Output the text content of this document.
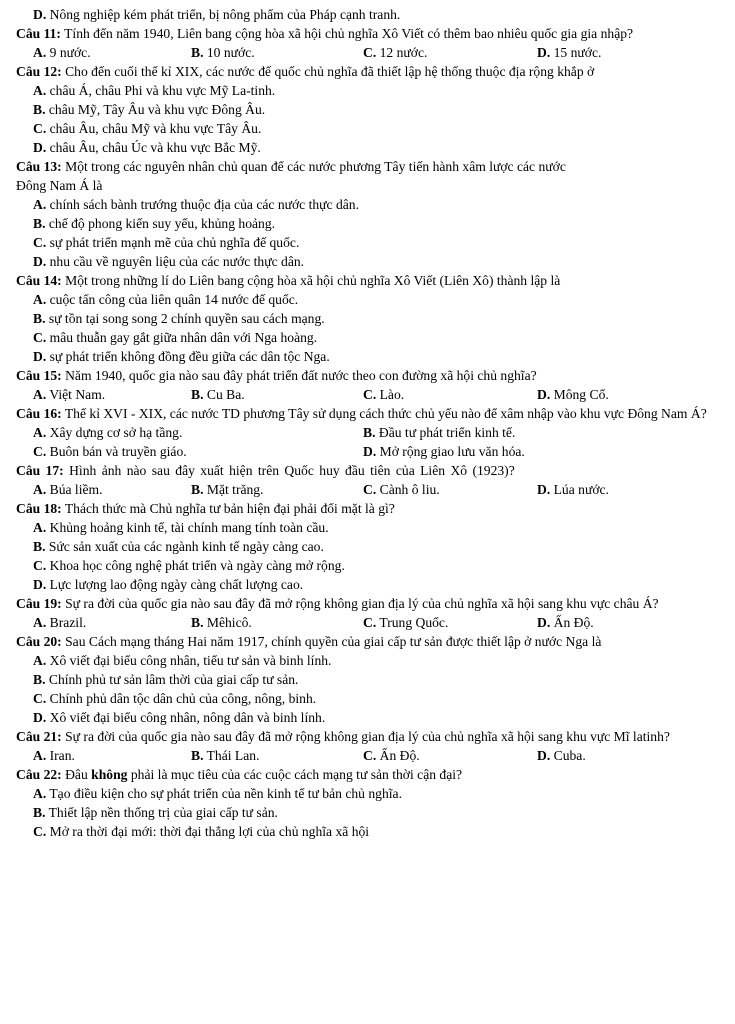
D. Nông nghiệp kém phát triển, bị nông phẩm của Pháp cạnh tranh.
Câu 11: Tính đến năm 1940, Liên bang cộng hòa xã hội chủ nghĩa Xô Viết có thêm bao nhiêu quốc gia gia nhập?
A. 9 nước.	B. 10 nước.	C. 12 nước.	D. 15 nước.
Câu 12: Cho đến cuối thế kỉ XIX, các nước đế quốc chủ nghĩa đã thiết lập hệ thống thuộc địa rộng khắp ở
A. châu Á, châu Phi và khu vực Mỹ La-tinh.
B. châu Mỹ, Tây Âu và khu vực Đông Âu.
C. châu Âu, châu Mỹ và khu vực Tây Âu.
D. châu Âu, châu Úc và khu vực Bắc Mỹ.
Câu 13: Một trong các nguyên nhân chủ quan để các nước phương Tây tiến hành xâm lược các nước Đông Nam Á là
A. chính sách bành trướng thuộc địa của các nước thực dân.
B. chế độ phong kiến suy yếu, khủng hoảng.
C. sự phát triển mạnh mẽ của chủ nghĩa đế quốc.
D. nhu cầu về nguyên liệu của các nước thực dân.
Câu 14: Một trong những lí do Liên bang cộng hòa xã hội chủ nghĩa Xô Viết (Liên Xô) thành lập là
A. cuộc tấn công của liên quân 14 nước đế quốc.
B. sự tồn tại song song 2 chính quyền sau cách mạng.
C. mâu thuẫn gay gắt giữa nhân dân với Nga hoàng.
D. sự phát triển không đồng đều giữa các dân tộc Nga.
Câu 15: Năm 1940, quốc gia nào sau đây phát triển đất nước theo con đường xã hội chủ nghĩa?
A. Việt Nam.	B. Cu Ba.	C. Lào.	D. Mông Cổ.
Câu 16: Thế kỉ XVI - XIX, các nước TD phương Tây sử dụng cách thức chủ yếu nào để xâm nhập vào khu vực Đông Nam Á?
A. Xây dựng cơ sở hạ tầng.	B. Đầu tư phát triển kinh tế.
C. Buôn bán và truyền giáo.	D. Mở rộng giao lưu văn hóa.
Câu 17: Hình ảnh nào sau đây xuất hiện trên Quốc huy đầu tiên của Liên Xô (1923)?
A. Búa liềm.	B. Mặt trăng.	C. Cành ô liu.	D. Lúa nước.
Câu 18: Thách thức mà Chủ nghĩa tư bản hiện đại phải đối mặt là gì?
A. Khủng hoảng kinh tế, tài chính mang tính toàn cầu.
B. Sức sản xuất của các ngành kinh tế ngày càng cao.
C. Khoa học công nghệ phát triển và ngày càng mở rộng.
D. Lực lượng lao động ngày càng chất lượng cao.
Câu 19: Sự ra đời của quốc gia nào sau đây đã mở rộng không gian địa lý của chủ nghĩa xã hội sang khu vực châu Á?
A. Brazil.	B. Mêhicô.	C. Trung Quốc.	D. Ấn Độ.
Câu 20: Sau Cách mạng tháng Hai năm 1917, chính quyền của giai cấp tư sản được thiết lập ở nước Nga là
A. Xô viết đại biểu công nhân, tiểu tư sản và binh lính.
B. Chính phủ tư sản lâm thời của giai cấp tư sản.
C. Chính phủ dân tộc dân chủ của công, nông, binh.
D. Xô viết đại biểu công nhân, nông dân và binh lính.
Câu 21: Sự ra đời của quốc gia nào sau đây đã mở rộng không gian địa lý của chủ nghĩa xã hội sang khu vực Mĩ latinh?
A. Iran.	B. Thái Lan.	C. Ấn Độ.	D. Cuba.
Câu 22: Đâu không phải là mục tiêu của các cuộc cách mạng tư sản thời cận đại?
A. Tạo điều kiện cho sự phát triển của nền kinh tế tư bản chủ nghĩa.
B. Thiết lập nền thống trị của giai cấp tư sản.
C. Mở ra thời đại mới: thời đại thắng lợi của chủ nghĩa xã hội
